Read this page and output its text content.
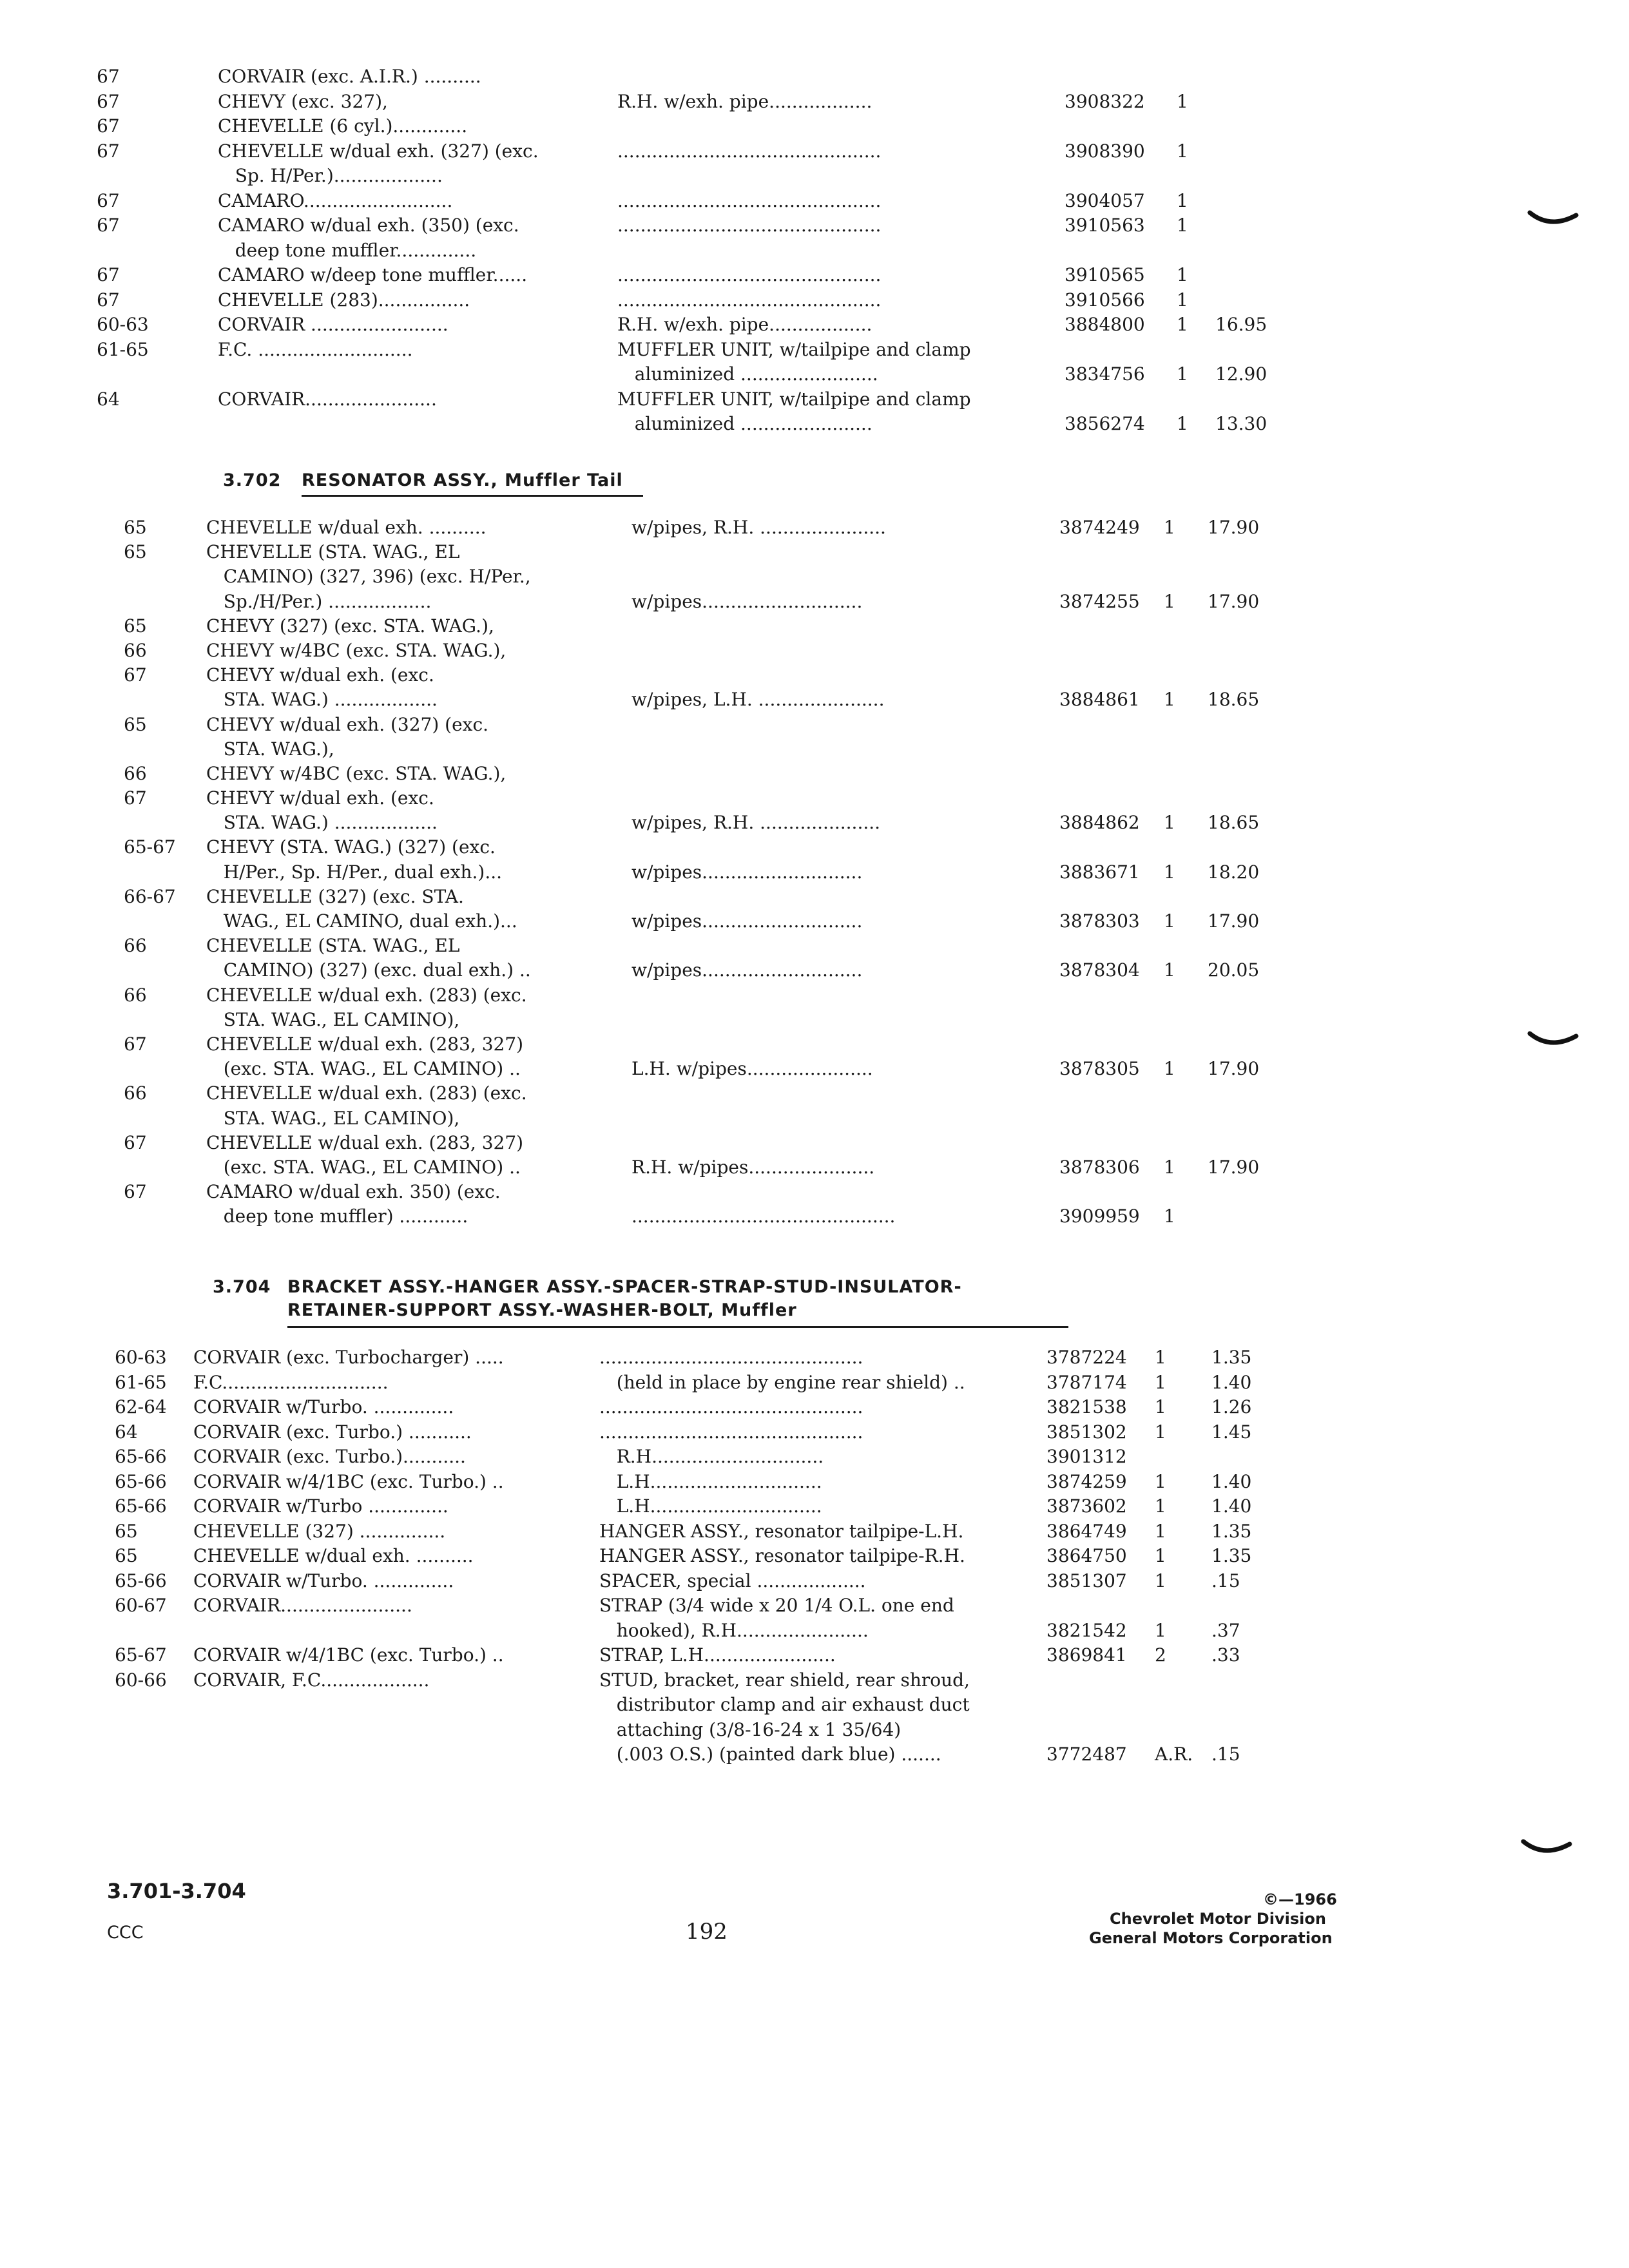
67	CORVAIR (exc. A.I.R.) ..........
67	CHEVY (exc. 327),	R.H. w/exh. pipe..................	3908322 1
67	CHEVELLE (6 cyl.).............
67	CHEVELLE w/dual exh. (327) (exc.	..............................................	3908390 1
Sp. H/Per.)...................
67	CAMARO..........................	..............................................	3904057 1
67	CAMARO w/dual exh. (350) (exc.	..............................................	3910563 1
deep tone muffler..............
67	CAMARO w/deep tone muffler......	..............................................	3910565 1
67	CHEVELLE (283)................	..............................................	3910566 1
60-63	CORVAIR ........................	R.H. w/exh. pipe..................	3884800 1 16.95
61-65	F.C. ...........................	MUFFLER UNIT, w/tailpipe and clamp
aluminized ........................	3834756 1 12.90
64	CORVAIR.......................	MUFFLER UNIT, w/tailpipe and clamp
aluminized .......................	3856274 1 13.30
3.702 RESONATOR ASSY., Muffler Tail
65	CHEVELLE w/dual exh. ..........	w/pipes, R.H. ......................	3874249 1 17.90
65	CHEVELLE (STA. WAG., EL
CAMINO) (327, 396) (exc. H/Per.,
Sp./H/Per.) ..................	w/pipes............................	3874255 1 17.90
65	CHEVY (327) (exc. STA. WAG.),
66	CHEVY w/4BC (exc. STA. WAG.),
67	CHEVY w/dual exh. (exc.
STA. WAG.) ..................	w/pipes, L.H. ......................	3884861 1 18.65
65	CHEVY w/dual exh. (327) (exc.
STA. WAG.),
66	CHEVY w/4BC (exc. STA. WAG.),
67	CHEVY w/dual exh. (exc.
STA. WAG.) ..................	w/pipes, R.H. .....................	3884862 1 18.65
65-67 CHEVY (STA. WAG.) (327) (exc.
H/Per., Sp. H/Per., dual exh.)...	w/pipes............................	3883671 1 18.20
66-67 CHEVELLE (327) (exc. STA.
WAG., EL CAMINO, dual exh.)...	w/pipes............................	3878303 1 17.90
66	CHEVELLE (STA. WAG., EL
CAMINO) (327) (exc. dual exh.) ..	w/pipes............................	3878304 1 20.05
66	CHEVELLE w/dual exh. (283) (exc.
STA. WAG., EL CAMINO),
67	CHEVELLE w/dual exh. (283, 327)
(exc. STA. WAG., EL CAMINO) ..	L.H. w/pipes......................	3878305 1 17.90
66	CHEVELLE w/dual exh. (283) (exc.
STA. WAG., EL CAMINO),
67	CHEVELLE w/dual exh. (283, 327)
(exc. STA. WAG., EL CAMINO) ..	R.H. w/pipes......................	3878306 1 17.90
67	CAMARO w/dual exh. 350) (exc.
deep tone muffler) ............	..............................................	3909959 1
3.704 BRACKET ASSY.-HANGER ASSY.-SPACER-STRAP-STUD-INSULATOR-
RETAINER-SUPPORT ASSY.-WASHER-BOLT, Muffler
60-63 CORVAIR (exc. Turbocharger) .....	..............................................	3787224 1	1.35
61-65 F.C.............................	(held in place by engine rear shield) ..	3787174 1	1.40
62-64 CORVAIR w/Turbo. ..............	..............................................	3821538 1	1.26
64	CORVAIR (exc. Turbo.) ...........	..............................................	3851302 1	1.45
65-66 CORVAIR (exc. Turbo.)...........	R.H..............................	3901312
65-66 CORVAIR w/4/1BC (exc. Turbo.) ..	L.H..............................	3874259 1	1.40
65-66 CORVAIR w/Turbo ..............	L.H..............................	3873602 1	1.40
65	CHEVELLE (327) ...............	HANGER ASSY., resonator tailpipe-L.H.	3864749 1	1.35
65	CHEVELLE w/dual exh. ..........	HANGER ASSY., resonator tailpipe-R.H.	3864750 1	1.35
65-66 CORVAIR w/Turbo. ..............	SPACER, special ...................	3851307 1	.15
60-67 CORVAIR.......................	STRAP (3/4 wide x 20 1/4 O.L. one end
hooked), R.H.......................	3821542 1	.37
65-67 CORVAIR w/4/1BC (exc. Turbo.) ..	STRAP, L.H.......................	3869841 2	.33
60-66 CORVAIR, F.C...................	STUD, bracket, rear shield, rear shroud,
distributor clamp and air exhaust duct
attaching (3/8-16-24 x 1 35/64)
(.003 O.S.) (painted dark blue) .......	3772487 A.R. .15
3.701-3.704
CCC	192
©—1966
Chevrolet Motor Division
General Motors Corporation
